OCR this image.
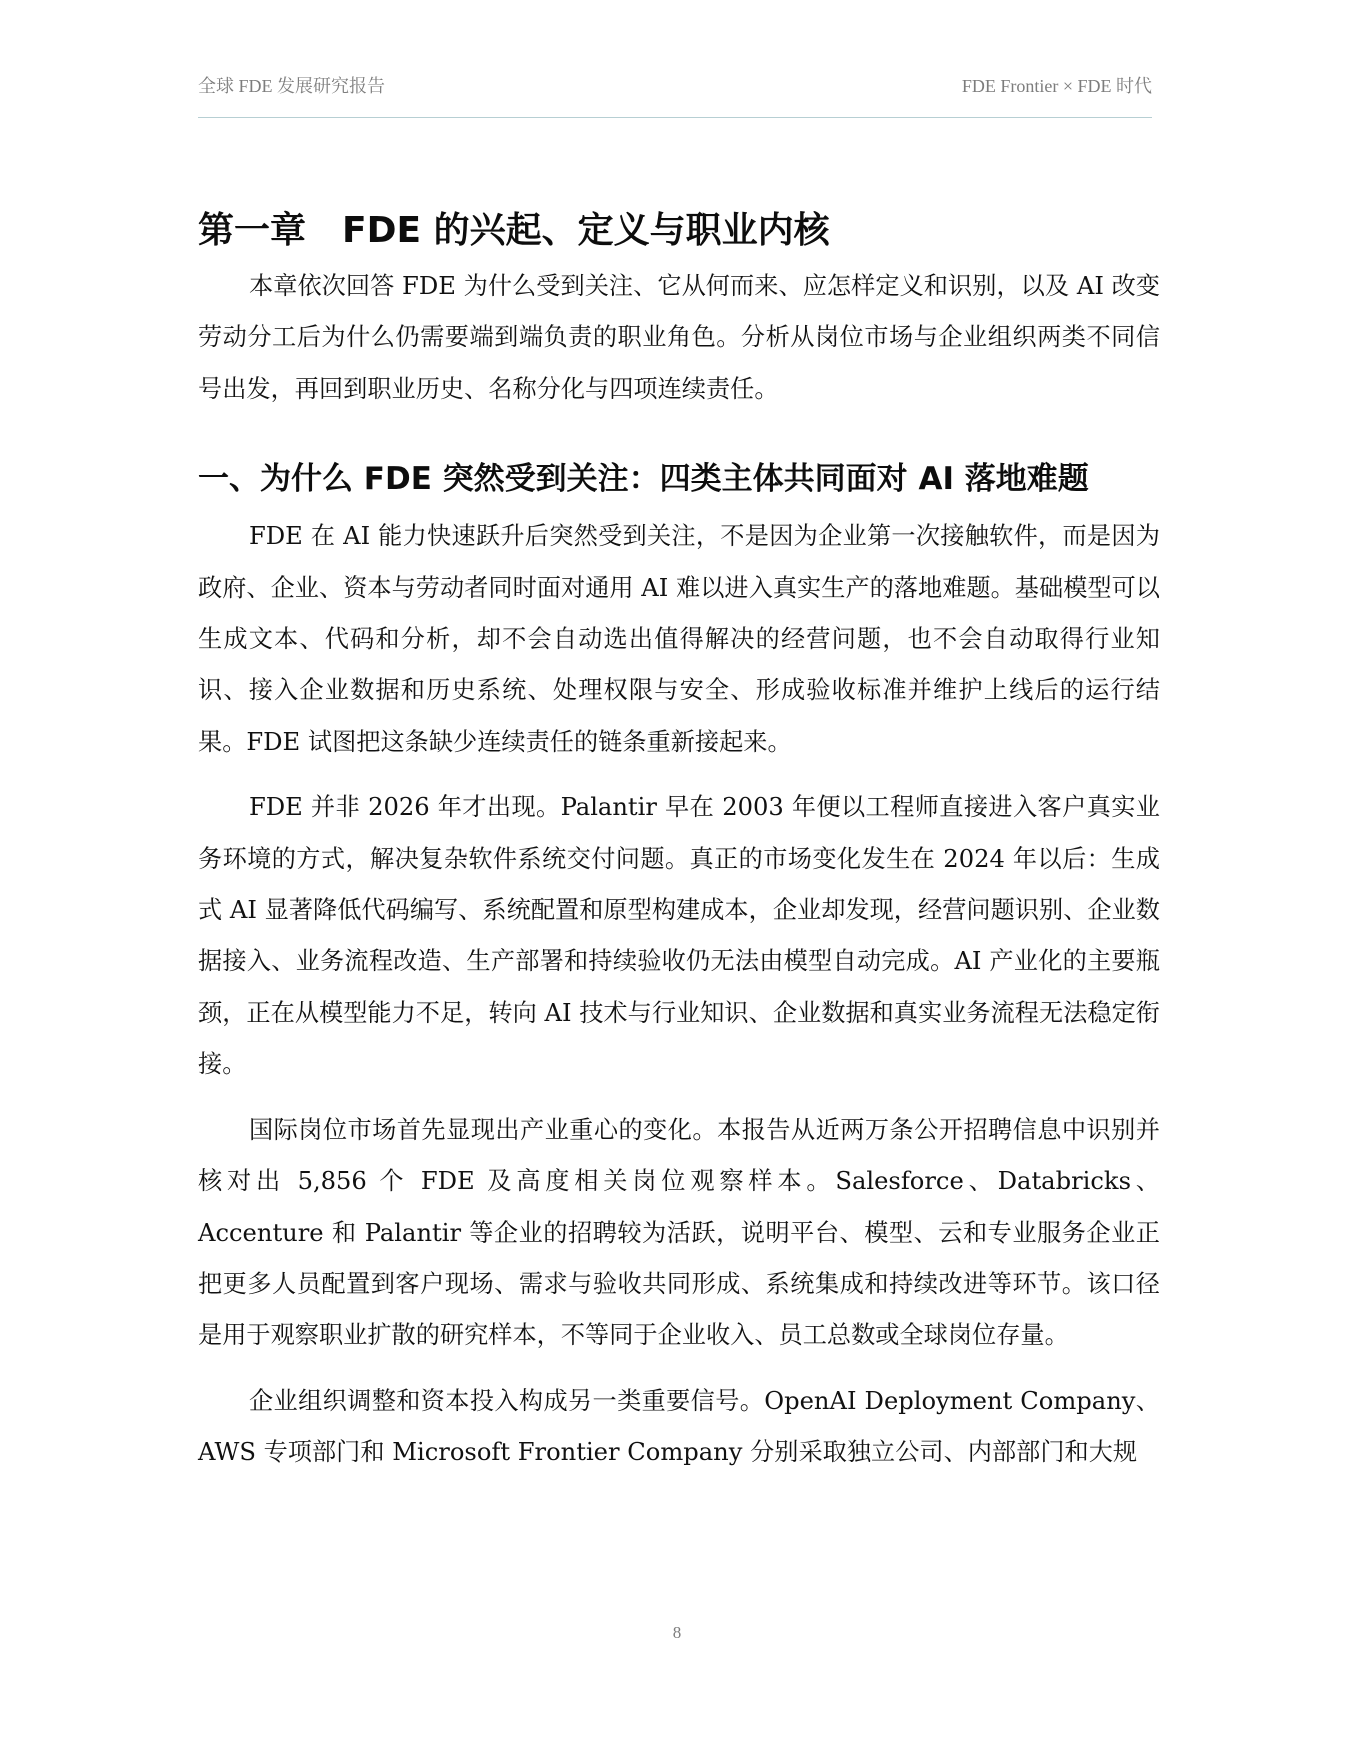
全球 FDE 发展研究报告	FDE Frontier × FDE 时代
第一章　FDE 的兴起、定义与职业内核

本章依次回答 FDE 为什么受到关注、它从何而来、应怎样定义和识别，以及 AI 改变劳动分工后为什么仍需要端到端负责的职业角色。分析从岗位市场与企业组织两类不同信号出发，再回到职业历史、名称分化与四项连续责任。

一、为什么 FDE 突然受到关注：四类主体共同面对 AI 落地难题

FDE 在 AI 能力快速跃升后突然受到关注，不是因为企业第一次接触软件，而是因为政府、企业、资本与劳动者同时面对通用 AI 难以进入真实生产的落地难题。基础模型可以生成文本、代码和分析，却不会自动选出值得解决的经营问题，也不会自动取得行业知识、接入企业数据和历史系统、处理权限与安全、形成验收标准并维护上线后的运行结果。FDE 试图把这条缺少连续责任的链条重新接起来。

FDE 并非 2026 年才出现。Palantir 早在 2003 年便以工程师直接进入客户真实业务环境的方式，解决复杂软件系统交付问题。真正的市场变化发生在 2024 年以后：生成式 AI 显著降低代码编写、系统配置和原型构建成本，企业却发现，经营问题识别、企业数据接入、业务流程改造、生产部署和持续验收仍无法由模型自动完成。AI 产业化的主要瓶颈，正在从模型能力不足，转向 AI 技术与行业知识、企业数据和真实业务流程无法稳定衔接。

国际岗位市场首先显现出产业重心的变化。本报告从近两万条公开招聘信息中识别并核对出 5,856 个 FDE 及高度相关岗位观察样本。Salesforce、Databricks、Accenture 和 Palantir 等企业的招聘较为活跃，说明平台、模型、云和专业服务企业正把更多人员配置到客户现场、需求与验收共同形成、系统集成和持续改进等环节。该口径是用于观察职业扩散的研究样本，不等同于企业收入、员工总数或全球岗位存量。

企业组织调整和资本投入构成另一类重要信号。OpenAI Deployment Company、AWS 专项部门和 Microsoft Frontier Company 分别采取独立公司、内部部门和大规

8
